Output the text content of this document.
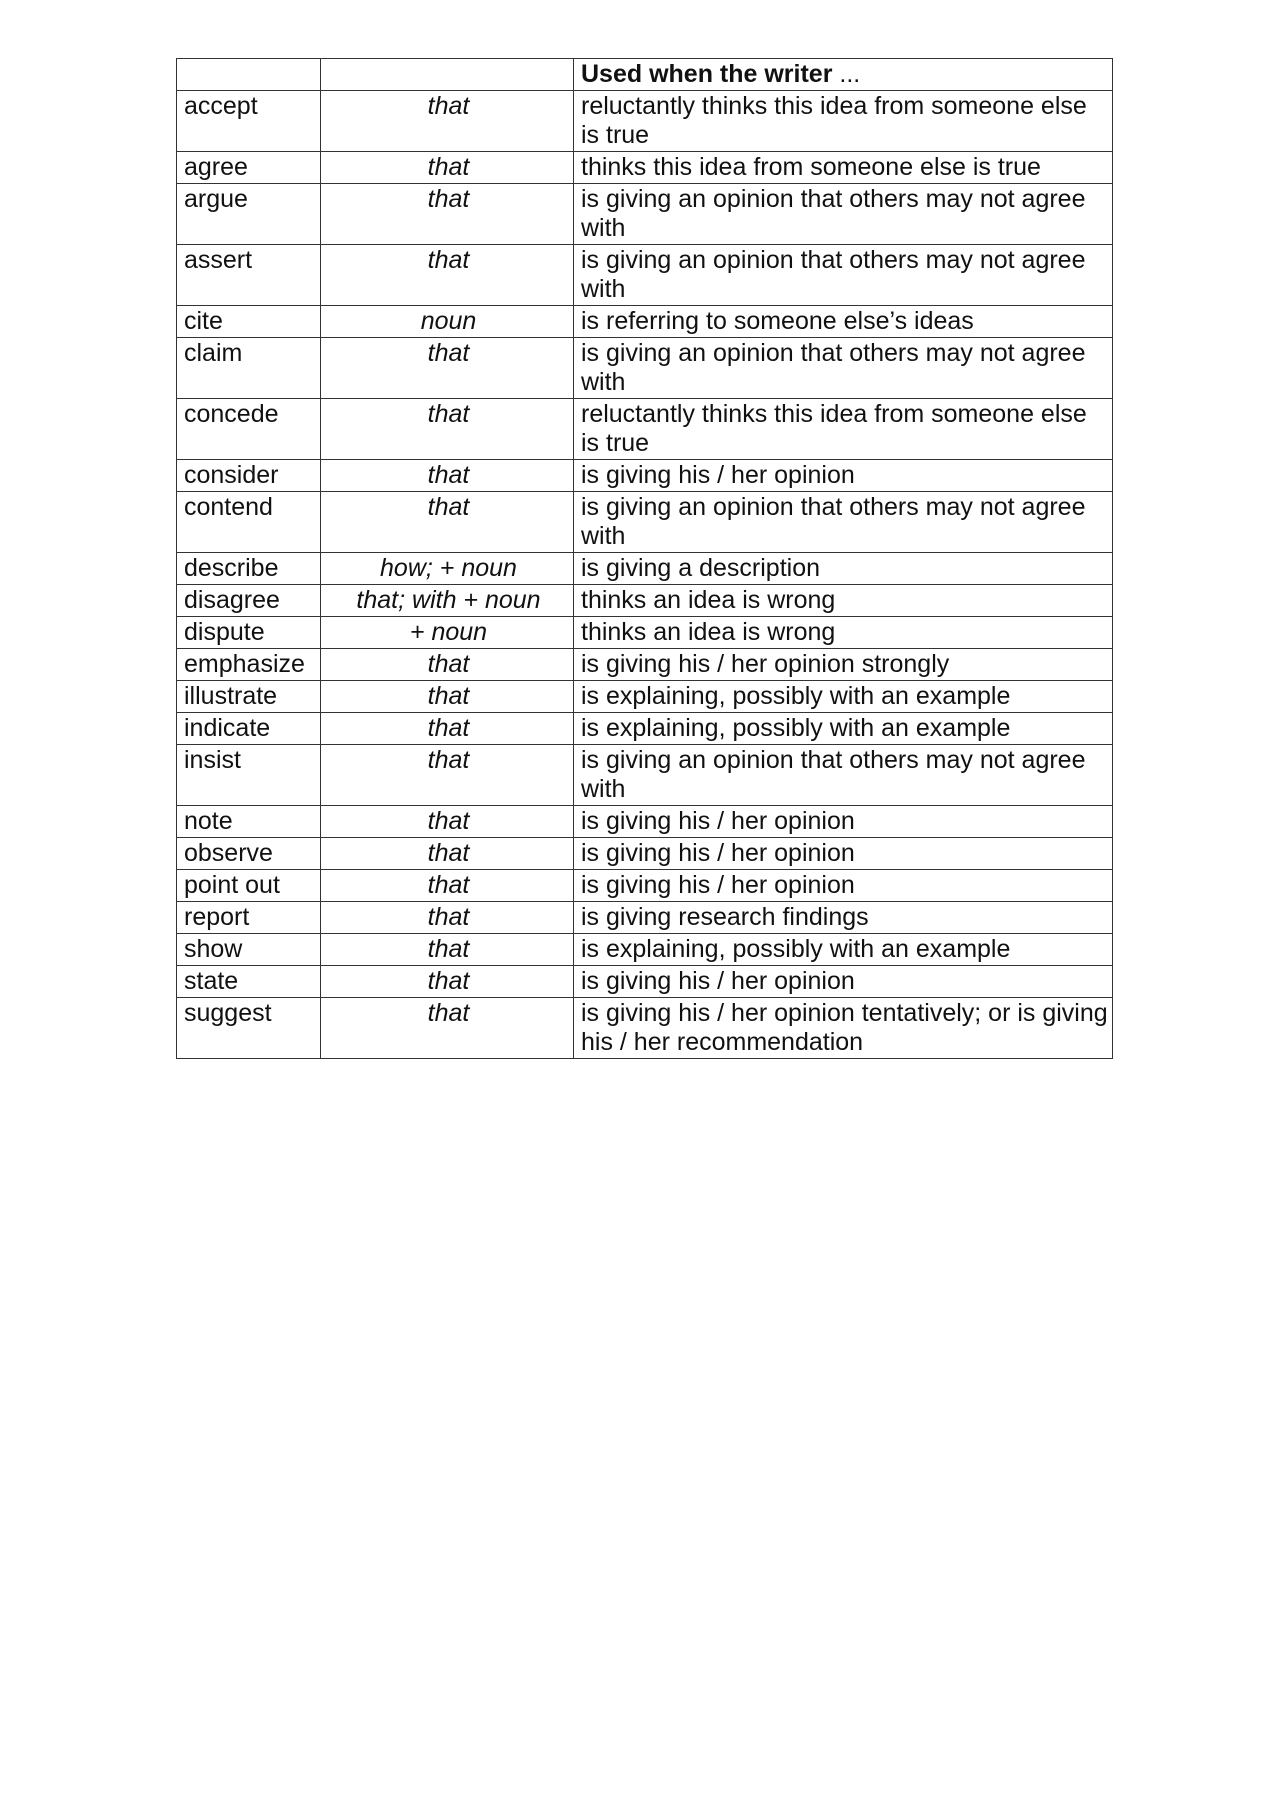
		Used when the writer ...
accept	that	reluctantly thinks this idea from someone else is true
agree	that	thinks this idea from someone else is true
argue	that	is giving an opinion that others may not agree with
assert	that	is giving an opinion that others may not agree with
cite	noun	is referring to someone else’s ideas
claim	that	is giving an opinion that others may not agree with
concede	that	reluctantly thinks this idea from someone else is true
consider	that	is giving his / her opinion
contend	that	is giving an opinion that others may not agree with
describe	how; + noun	is giving a description
disagree	that; with + noun	thinks an idea is wrong
dispute	+ noun	thinks an idea is wrong
emphasize	that	is giving his / her opinion strongly
illustrate	that	is explaining, possibly with an example
indicate	that	is explaining, possibly with an example
insist	that	is giving an opinion that others may not agree with
note	that	is giving his / her opinion
observe	that	is giving his / her opinion
point out	that	is giving his / her opinion
report	that	is giving research findings
show	that	is explaining, possibly with an example
state	that	is giving his / her opinion
suggest	that	is giving his / her opinion tentatively; or is giving his / her recommendation
